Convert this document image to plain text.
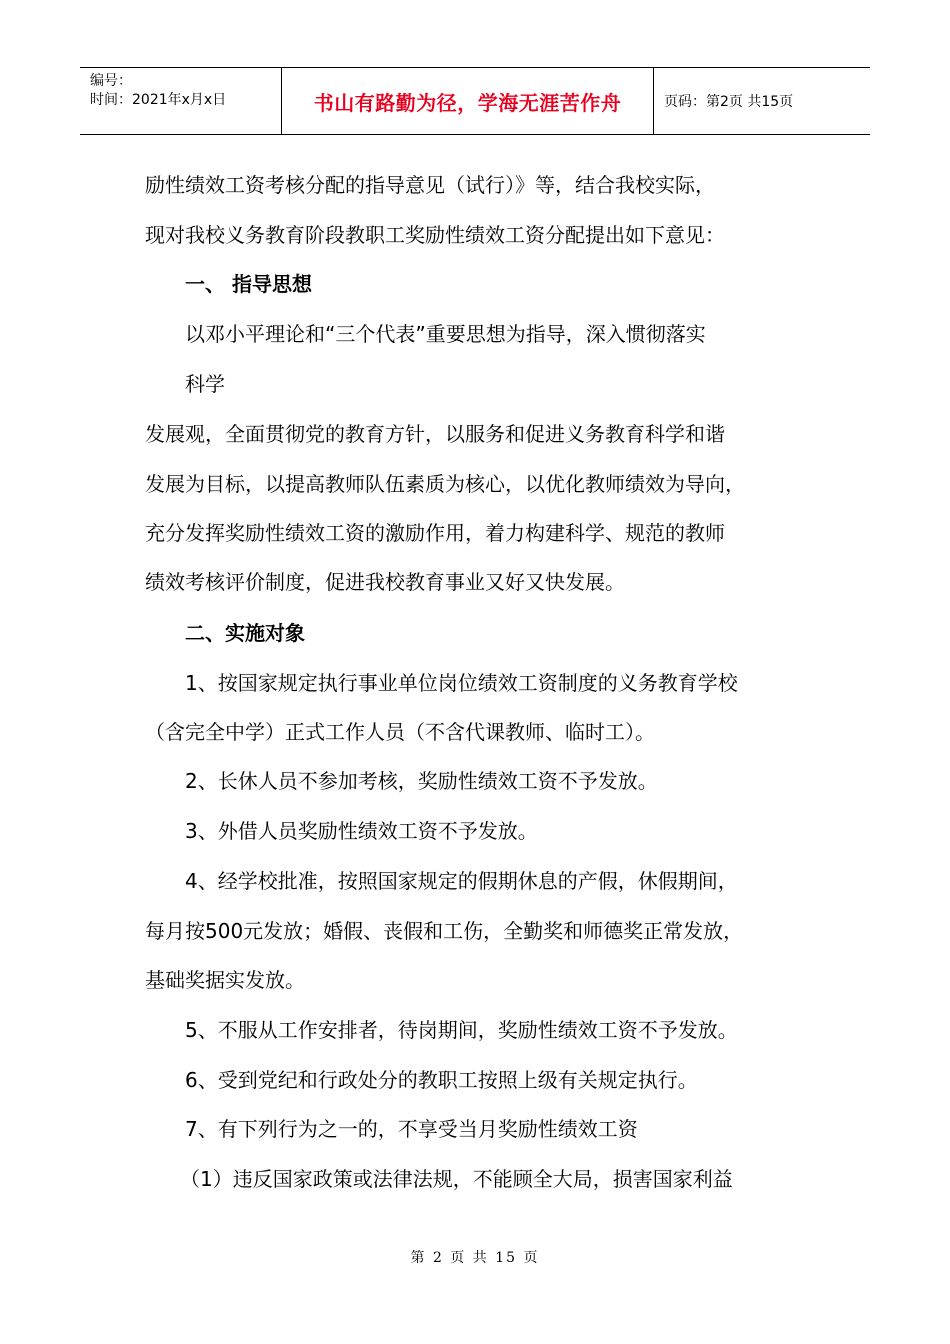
编号：
时间：2021年x月x日	书山有路勤为径，学海无涯苦作舟	页码：第2页 共15页
励性绩效工资考核分配的指导意见（试行）》等，结合我校实际，
现对我校义务教育阶段教职工奖励性绩效工资分配提出如下意见：
一、 指导思想
以邓小平理论和“三个代表”重要思想为指导，深入惯彻落实
科学
发展观，全面贯彻党的教育方针，以服务和促进义务教育科学和谐
发展为目标，以提高教师队伍素质为核心，以优化教师绩效为导向，
充分发挥奖励性绩效工资的激励作用，着力构建科学、规范的教师
绩效考核评价制度，促进我校教育事业又好又快发展。
二、实施对象
1、按国家规定执行事业单位岗位绩效工资制度的义务教育学校
（含完全中学）正式工作人员（不含代课教师、临时工）。
2、长休人员不参加考核，奖励性绩效工资不予发放。
3、外借人员奖励性绩效工资不予发放。
4、经学校批准，按照国家规定的假期休息的产假，休假期间，
每月按500元发放；婚假、丧假和工伤，全勤奖和师德奖正常发放，
基础奖据实发放。
5、不服从工作安排者，待岗期间，奖励性绩效工资不予发放。
6、受到党纪和行政处分的教职工按照上级有关规定执行。
7、有下列行为之一的，不享受当月奖励性绩效工资
（1）违反国家政策或法律法规，不能顾全大局，损害国家利益
第 2 页 共 15 页
